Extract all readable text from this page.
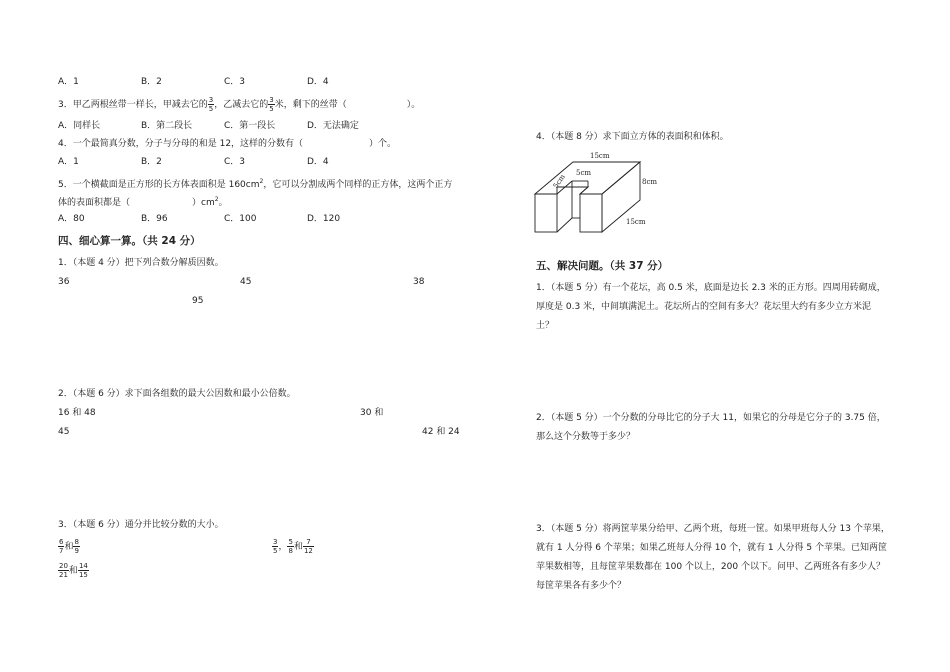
A．1	B．2	C．3	D．4
3．甲乙两根丝带一样长，甲减去它的 $\frac{3}{5}$ ，乙减去它的 $\frac{3}{5}$ 米，剩下的丝带（	）。
A．同样长	B．第二段长	C．第一段长	D．无法确定
4．一个最简真分数，分子与分母的和是 12，这样的分数有（	）个。
A．1	B．2	C．3	D．4
5．一个横截面是正方形的长方体表面积是 $160cm^2$，它可以分割成两个同样的正方体，这两个正方
体的表面积都是（	）$cm^2$。
A．80	B．96	C．100	D．120
四、细心算一算。（共 24 分）
1．（本题 4 分）把下列合数分解质因数。
36	45	38
95
2．（本题 6 分）求下面各组数的最大公因数和最小公倍数。
16 和 48	30 和
45	42 和 24
3．（本题 6 分）通分并比较分数的大小。
$\frac{6}{7}$ 和 $\frac{8}{9}$	$\frac{3}{5}$ ， $\frac{5}{8}$ 和 $\frac{7}{12}$
$\frac{20}{21}$ 和 $\frac{14}{15}$
4．（本题 8 分）求下面立方体的表面积和体积。
15cm
5cm
5cm	8cm
15cm
五、解决问题。（共 37 分）
1．（本题 5 分）有一个花坛，高 0.5 米，底面是边长 2.3 米的正方形。四周用砖砌成，
厚度是 0.3 米，中间填满泥土。花坛所占的空间有多大？花坛里大约有多少立方米泥
土？
2．（本题 5 分）一个分数的分母比它的分子大 11，如果它的分母是它分子的 3.75 倍，
那么这个分数等于多少？
3．（本题 5 分）将两筐苹果分给甲、乙两个班，每班一筐。如果甲班每人分 13 个苹果，
就有 1 人分得 6 个苹果；如果乙班每人分得 10 个，就有 1 人分得 5 个苹果。已知两筐
苹果数相等，且每筐苹果数都在 100 个以上，200 个以下。问甲、乙两班各有多少人？
每筐苹果各有多少个？
